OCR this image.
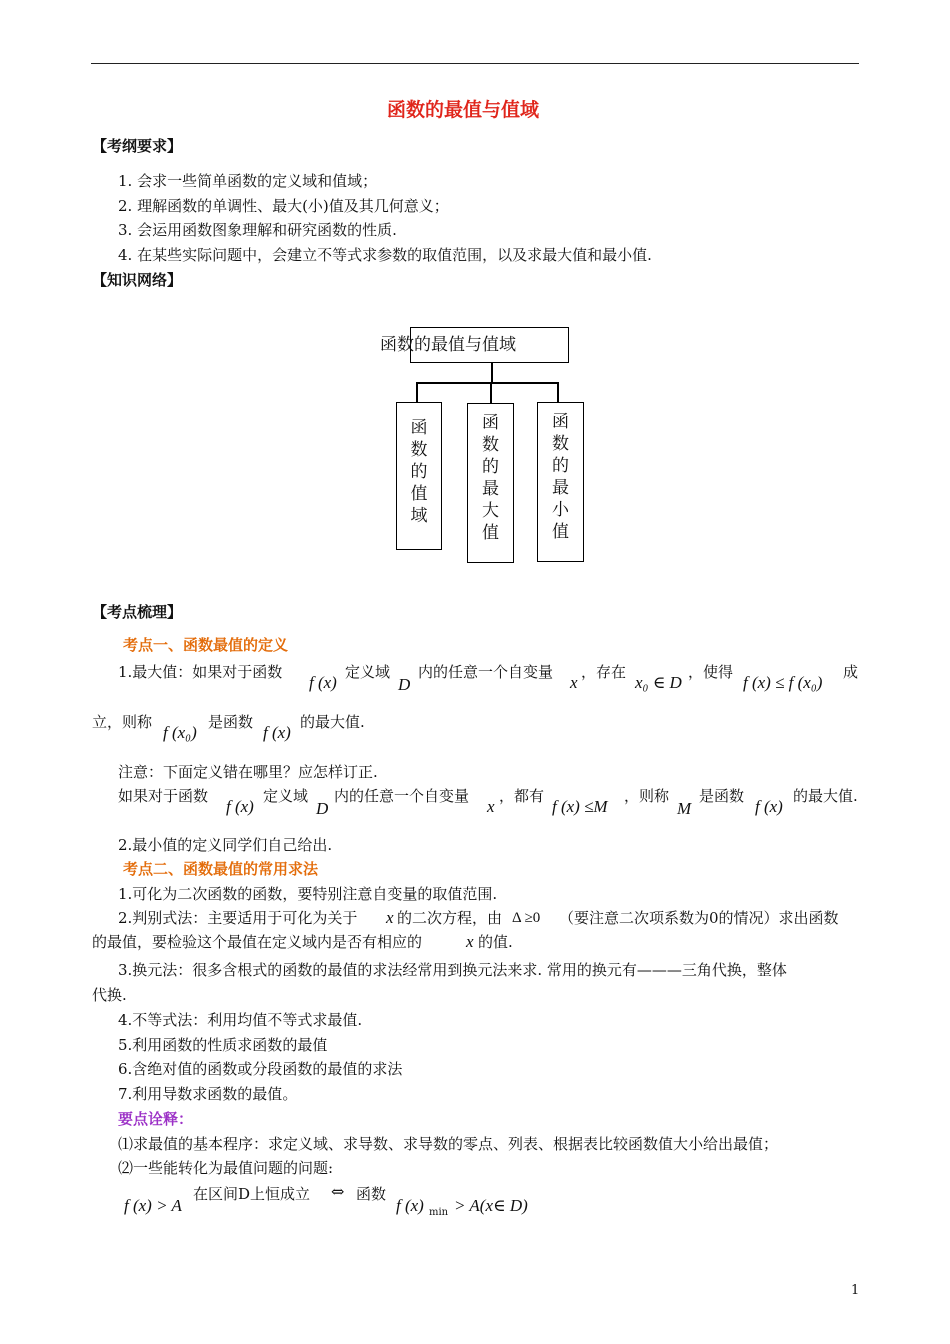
函数的最值与值域
【考纲要求】
1. 会求一些简单函数的定义域和值域；
2. 理解函数的单调性、最大(小)值及其几何意义；
3. 会运用函数图象理解和研究函数的性质.
4. 在某些实际问题中，会建立不等式求参数的取值范围，以及求最大值和最小值.
【知识网络】
函数的最值与值域
函
数
的
值
域
函
数
的
最
大
值
函
数
的
最
小
值
【考点梳理】
考点一、函数最值的定义
1.最大值：如果对于函数
f (x)
定义域
D
内的任意一个自变量
x
，存在
x₀ ∈ D
，使得
f (x) ≤ f (x₀)
成
立，则称
f (x₀)
是函数
f (x)
的最大值.
注意：下面定义错在哪里？应怎样订正.
如果对于函数
f (x)
定义域
D
内的任意一个自变量
x
，都有
f (x) ≤M
，则称
M
是函数
f (x)
的最大值.
2.最小值的定义同学们自己给出.
考点二、函数最值的常用求法
1.可化为二次函数的函数，要特别注意自变量的取值范围.
2.判别式法：主要适用于可化为关于 x 的二次方程，由 Δ ≥0 （要注意二次项系数为0的情况）求出函数
的最值，要检验这个最值在定义域内是否有相应的	x 的值.
3.换元法：很多含根式的函数的最值的求法经常用到换元法来求. 常用的换元有———三角代换，整体
代换.
4.不等式法：利用均值不等式求最值.
5.利用函数的性质求函数的最值
6.含绝对值的函数或分段函数的最值的求法
7.利用导数求函数的最值。
要点诠释：
⑴求最值的基本程序：求定义域、求导数、求导数的零点、列表、根据表比较函数值大小给出最值；
⑵一些能转化为最值问题的问题:
f (x) > A
在区间D上恒成立 ⇔ 函数
f (x) min > A(x∈ D)
1
